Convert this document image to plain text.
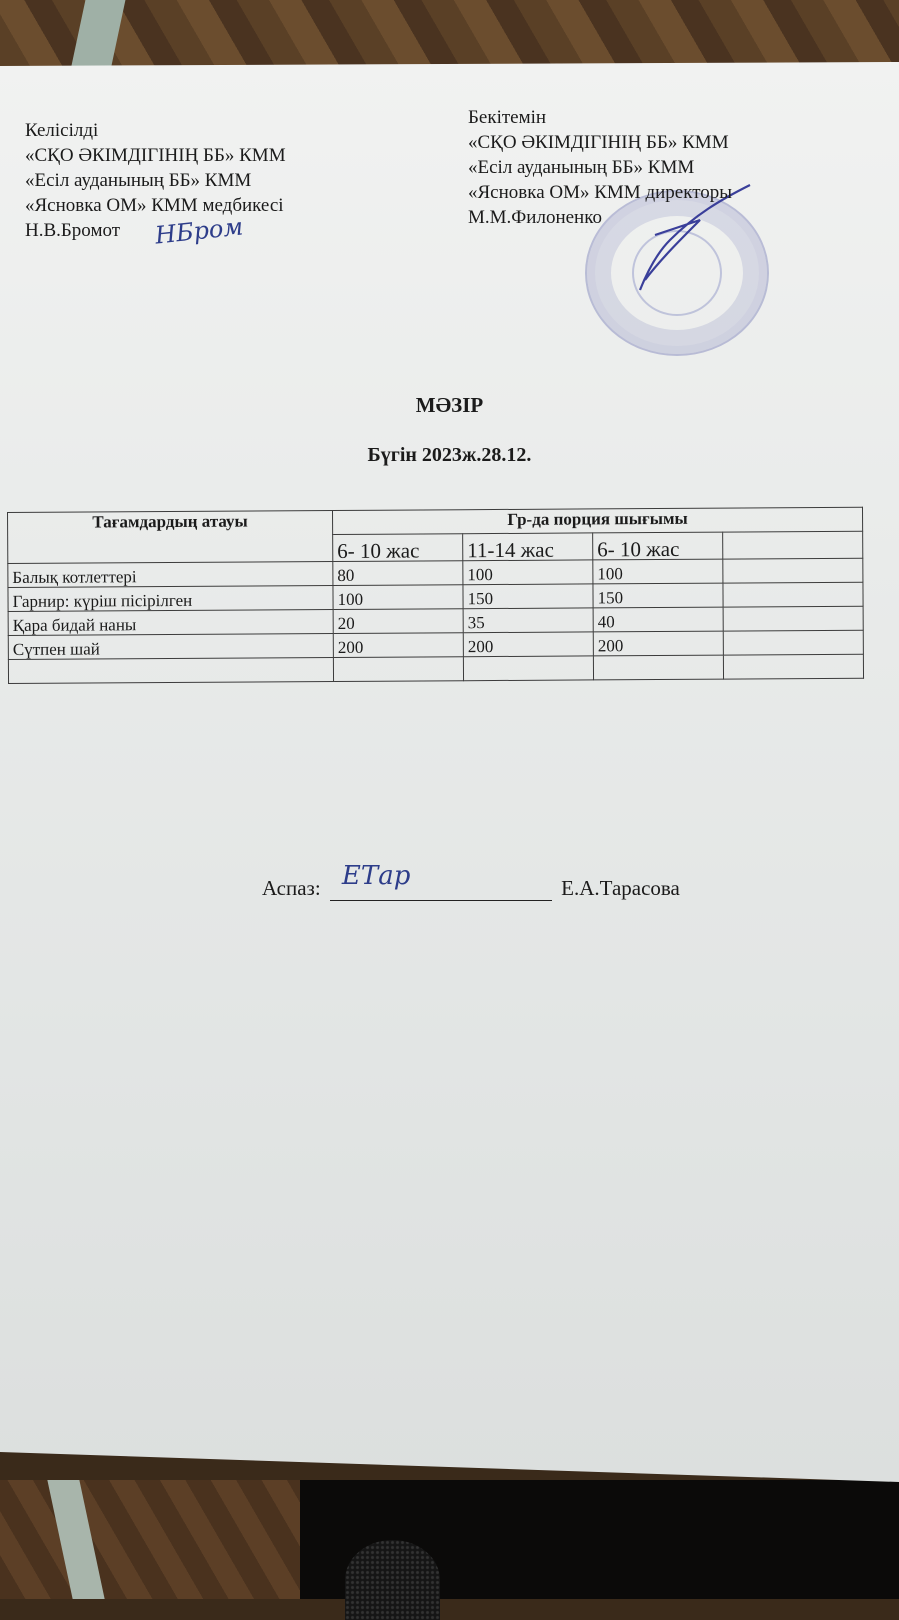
Келісілді
«СҚО ӘКІМДІГІНІҢ ББ» КММ
«Есіл ауданының ББ» КММ
«Ясновка ОМ» КММ медбикесі
Н.В.Бромот НБром
Бекітемін
«СҚО ӘКІМДІГІНІҢ ББ» КММ
«Есіл ауданының ББ» КММ
«Ясновка ОМ» КММ директоры
М.М.Филоненко
МӘЗІР
Бүгін 2023ж.28.12.
Тағамдардың атауы	Гр-да порция шығымы			
	6- 10 жас	11-14 жас	6- 10 жас	
Балық котлеттері	80	100	100	
Гарнир: күріш пісірілген	100	150	150	
Қара бидай наны	20	35	40	
Сүтпен шай	200	200	200	

Аспаз: ЕТар	Е.А.Тарасова
